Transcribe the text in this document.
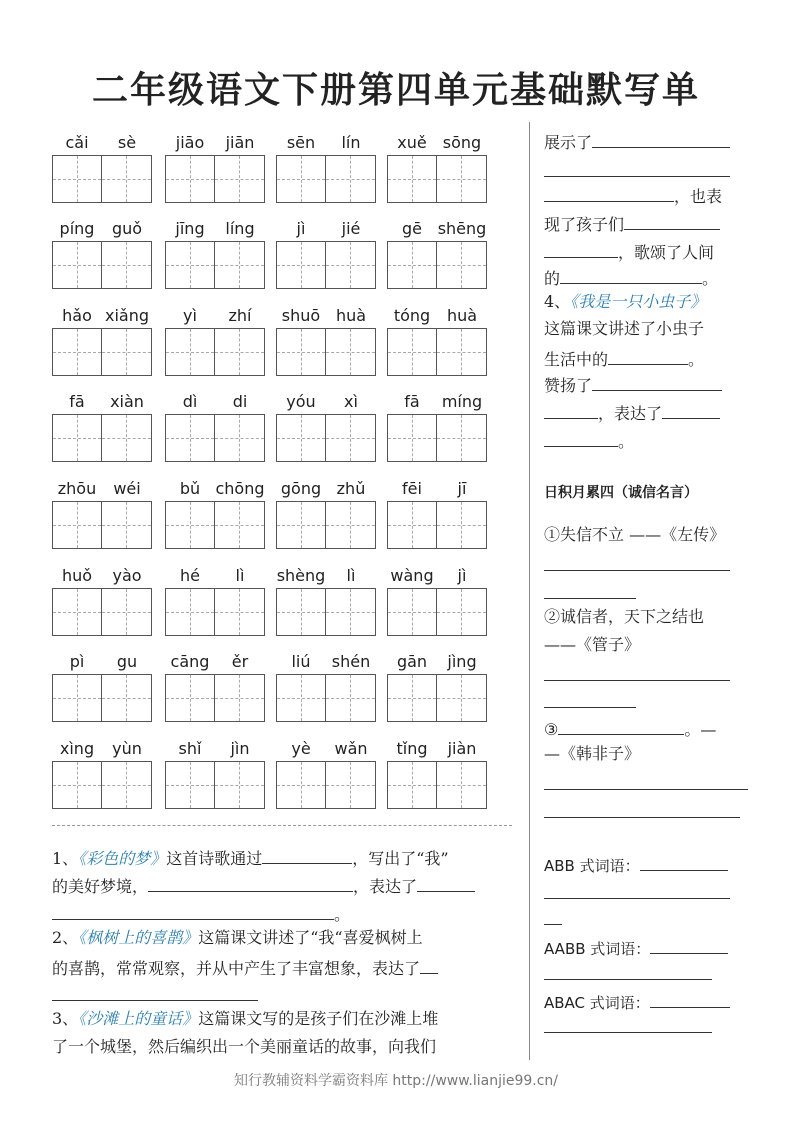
二年级语文下册第四单元基础默写单
cǎi	sè	jiāo	jiān	sēn	lín	xuě	sōng
píng	guǒ	jīng	líng	jì	jié	gē shēng
hǎo xiǎng	yì	zhí	shuō huà	tóng	huà
fā	xiàn	dì	di	yóu	xì	fā	míng
zhōu	wéi	bǔ chōng	gōng zhǔ	fēi	jī
huǒ	yào	hé	lì	shèng	lì	wàng	jì
pì	gu	cāng	ěr	liú	shén	gān	jìng
xìng	yùn	shǐ	jìn	yè	wǎn	tǐng	jiàn
1、《彩色的梦》这首诗歌通过	，写出了“我”
的美好梦境，	，表达了
。
2、《枫树上的喜鹊》这篇课文讲述了“我“喜爱枫树上
的喜鹊，常常观察，并从中产生了丰富想象，表达了
3、《沙滩上的童话》这篇课文写的是孩子们在沙滩上堆
了一个城堡，然后编织出一个美丽童话的故事，向我们
展示了
，也表
现了孩子们
，歌颂了人间
的	。
4、《我是一只小虫子》
这篇课文讲述了小虫子
生活中的	。
赞扬了
，表达了
。
日积月累四（诚信名言）
①失信不立 ——《左传》
②诚信者，天下之结也
——《管子》
③	。—
—《韩非子》
ABB 式词语：
AABB 式词语：
ABAC 式词语：
知行教辅资料学霸资料库 http://www.lianjie99.cn/
